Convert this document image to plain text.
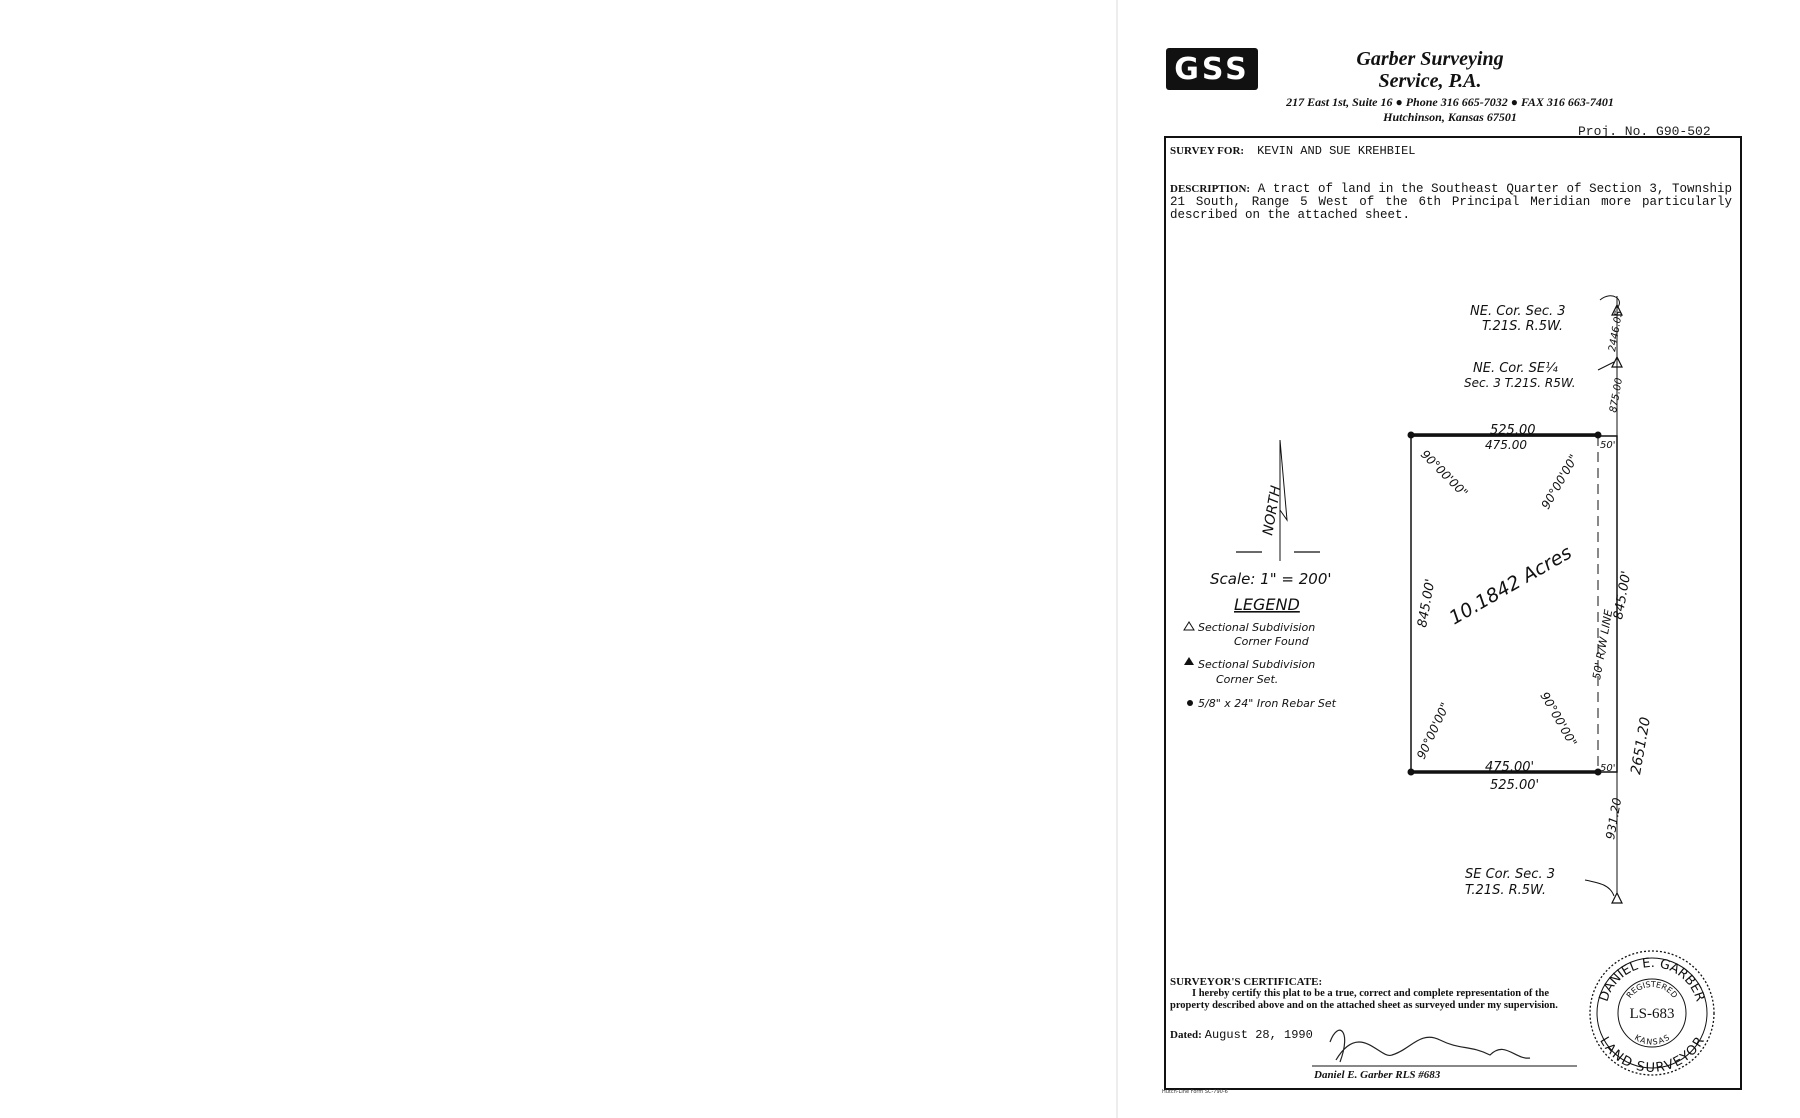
GSS	Garber Surveying
Service, P.A.
217 East 1st, Suite 16 ● Phone 316 665-7032 ● FAX 316 663-7401
Hutchinson, Kansas 67501
Proj. No. G90-502
SURVEY FOR: KEVIN AND SUE KREHBIEL
DESCRIPTION: A tract of land in the Southeast Quarter of Section 3, Township 21 South, Range 5 West of the 6th Principal Meridian more particularly described on the attached sheet.
NE. Cor. Sec. 3
T.21S. R.5W.
NE. Cor. SE¼
Sec. 3 T.21S. R5W.
SE Cor. Sec. 3
T.21S. R.5W.
525.00
475.00
475.00'
525.00'
845.00'	845.00'
50'
50'
2446.05
875.00
931.20
2651.20
10.1842 Acres
50' R/W LINE
90°00'00"	90°00'00"
90°00'00"	90°00'00"
NORTH
Scale: 1" = 200'
LEGEND
Sectional Subdivision
Corner Found
Sectional Subdivision
Corner Set.
5/8" x 24" Iron Rebar Set
DANIEL E. GARBER
LAND SURVEYOR
REGISTERED
KANSAS
LS-683
SURVEYOR'S CERTIFICATE:
I hereby certify this plat to be a true, correct and complete representation of the property described above and on the attached sheet as surveyed under my supervision.
Dated: August 28, 1990
Daniel E. Garber RLS #683
Hutch-Line Form SC-790-6
